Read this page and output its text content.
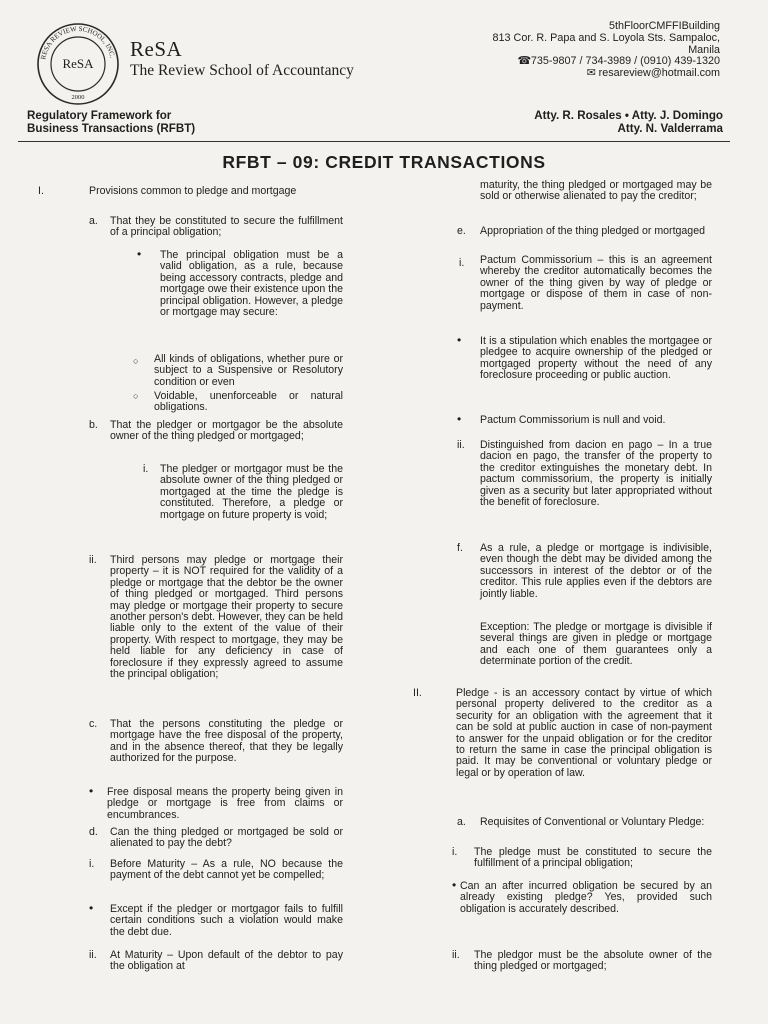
RESA REVIEW SCHOOL, INC.
ReSA
2000
ReSA
The Review School of Accountancy
5thFloorCMFFIBuilding
813 Cor. R. Papa and S. Loyola Sts. Sampaloc,
Manila
☎735-9807 / 734-3989 / (0910) 439-1320
✉ resareview@hotmail.com
Regulatory Framework for
Business Transactions (RFBT)
Atty. R. Rosales • Atty. J. Domingo
Atty. N. Valderrama
RFBT – 09: CREDIT TRANSACTIONS
I.	Provisions common to pledge and mortgage
a. That they be constituted to secure the fulfillment of a principal obligation;
• The principal obligation must be a valid obligation, as a rule, because being accessory contracts, pledge and mortgage owe their existence upon the principal obligation. However, a pledge or mortgage may secure:
○ All kinds of obligations, whether pure or subject to a Suspensive or Resolutory condition or even
○ Voidable, unenforceable or natural obligations.
b. That the pledger or mortgagor be the absolute owner of the thing pledged or mortgaged;
i. The pledger or mortgagor must be the absolute owner of the thing pledged or mortgaged at the time the pledge is constituted. Therefore, a pledge or mortgage on future property is void;
ii. Third persons may pledge or mortgage their property – it is NOT required for the validity of a pledge or mortgage that the debtor be the owner of thing pledged or mortgaged. Third persons may pledge or mortgage their property to secure another person's debt. However, they can be held liable only to the extent of the value of their property. With respect to mortgage, they may be held liable for any deficiency in case of foreclosure if they expressly agreed to assume the principal obligation;
c. That the persons constituting the pledge or mortgage have the free disposal of the property, and in the absence thereof, that they be legally authorized for the purpose.
• Free disposal means the property being given in pledge or mortgage is free from claims or encumbrances.
d. Can the thing pledged or mortgaged be sold or alienated to pay the debt?
i. Before Maturity – As a rule, NO because the payment of the debt cannot yet be compelled;
• Except if the pledger or mortgagor fails to fulfill certain conditions such a violation would make the debt due.
ii. At Maturity – Upon default of the debtor to pay the obligation at
maturity, the thing pledged or mortgaged may be sold or otherwise alienated to pay the creditor;
e. Appropriation of the thing pledged or mortgaged
i. Pactum Commissorium – this is an agreement whereby the creditor automatically becomes the owner of the thing given by way of pledge or mortgage or dispose of them in case of non-payment.
• It is a stipulation which enables the mortgagee or pledgee to acquire ownership of the pledged or mortgaged property without the need of any foreclosure proceeding or public auction.
• Pactum Commissorium is null and void.
ii. Distinguished from dacion en pago – In a true dacion en pago, the transfer of the property to the creditor extinguishes the monetary debt. In pactum commissorium, the property is initially given as a security but later appropriated without the benefit of foreclosure.
f. As a rule, a pledge or mortgage is indivisible, even though the debt may be divided among the successors in interest of the debtor or of the creditor. This rule applies even if the debtors are jointly liable.
Exception: The pledge or mortgage is divisible if several things are given in pledge or mortgage and each one of them guarantees only a determinate portion of the credit.
II.	Pledge - is an accessory contact by virtue of which personal property delivered to the creditor as a security for an obligation with the agreement that it can be sold at public auction in case of non-payment to answer for the unpaid obligation or for the creditor to return the same in case the principal obligation is paid. It may be conventional or voluntary pledge or legal or by operation of law.
a. Requisites of Conventional or Voluntary Pledge:
i. The pledge must be constituted to secure the fulfillment of a principal obligation;
• Can an after incurred obligation be secured by an already existing pledge? Yes, provided such obligation is accurately described.
ii. The pledgor must be the absolute owner of the thing pledged or mortgaged;
